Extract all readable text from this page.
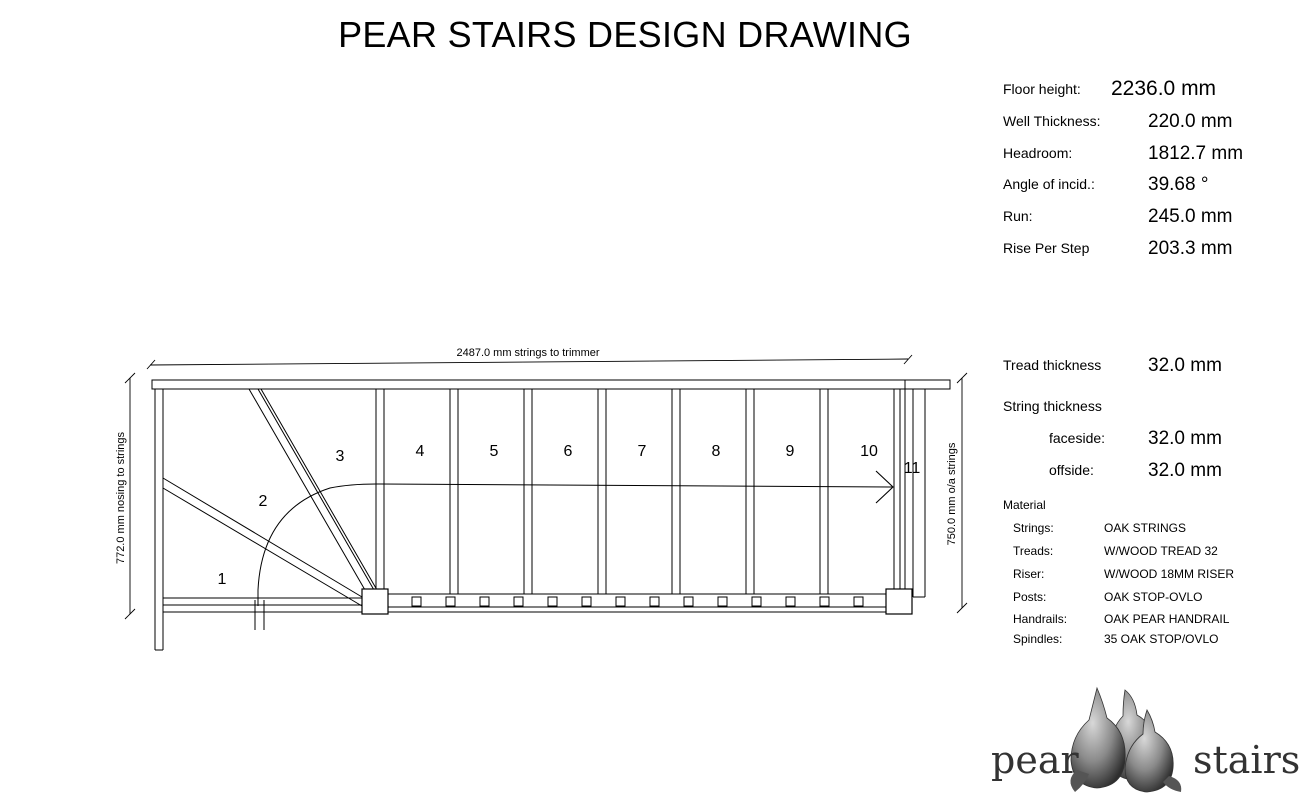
PEAR STAIRS DESIGN DRAWING
Floor height: 2236.0 mm
Well Thickness: 220.0 mm
Headroom:	1812.7 mm
Angle of incid.:	39.68 °
Run:	245.0 mm
Rise Per Step	203.3 mm
Tread thickness 32.0 mm
String thickness
faceside: 32.0 mm
offside:	32.0 mm
Material
Strings:	OAK STRINGS
Treads:	W/WOOD TREAD 32
Riser:	W/WOOD 18MM RISER
Posts:	OAK STOP-OVLO
Handrails:	OAK PEAR HANDRAIL
Spindles:	35 OAK STOP/OVLO
2487.0 mm strings to trimmer
772.0 mm nosing to strings	750.0 mm o/a strings
1
2
3	4	5	6	7	8	9	10
11
pear	stairs
